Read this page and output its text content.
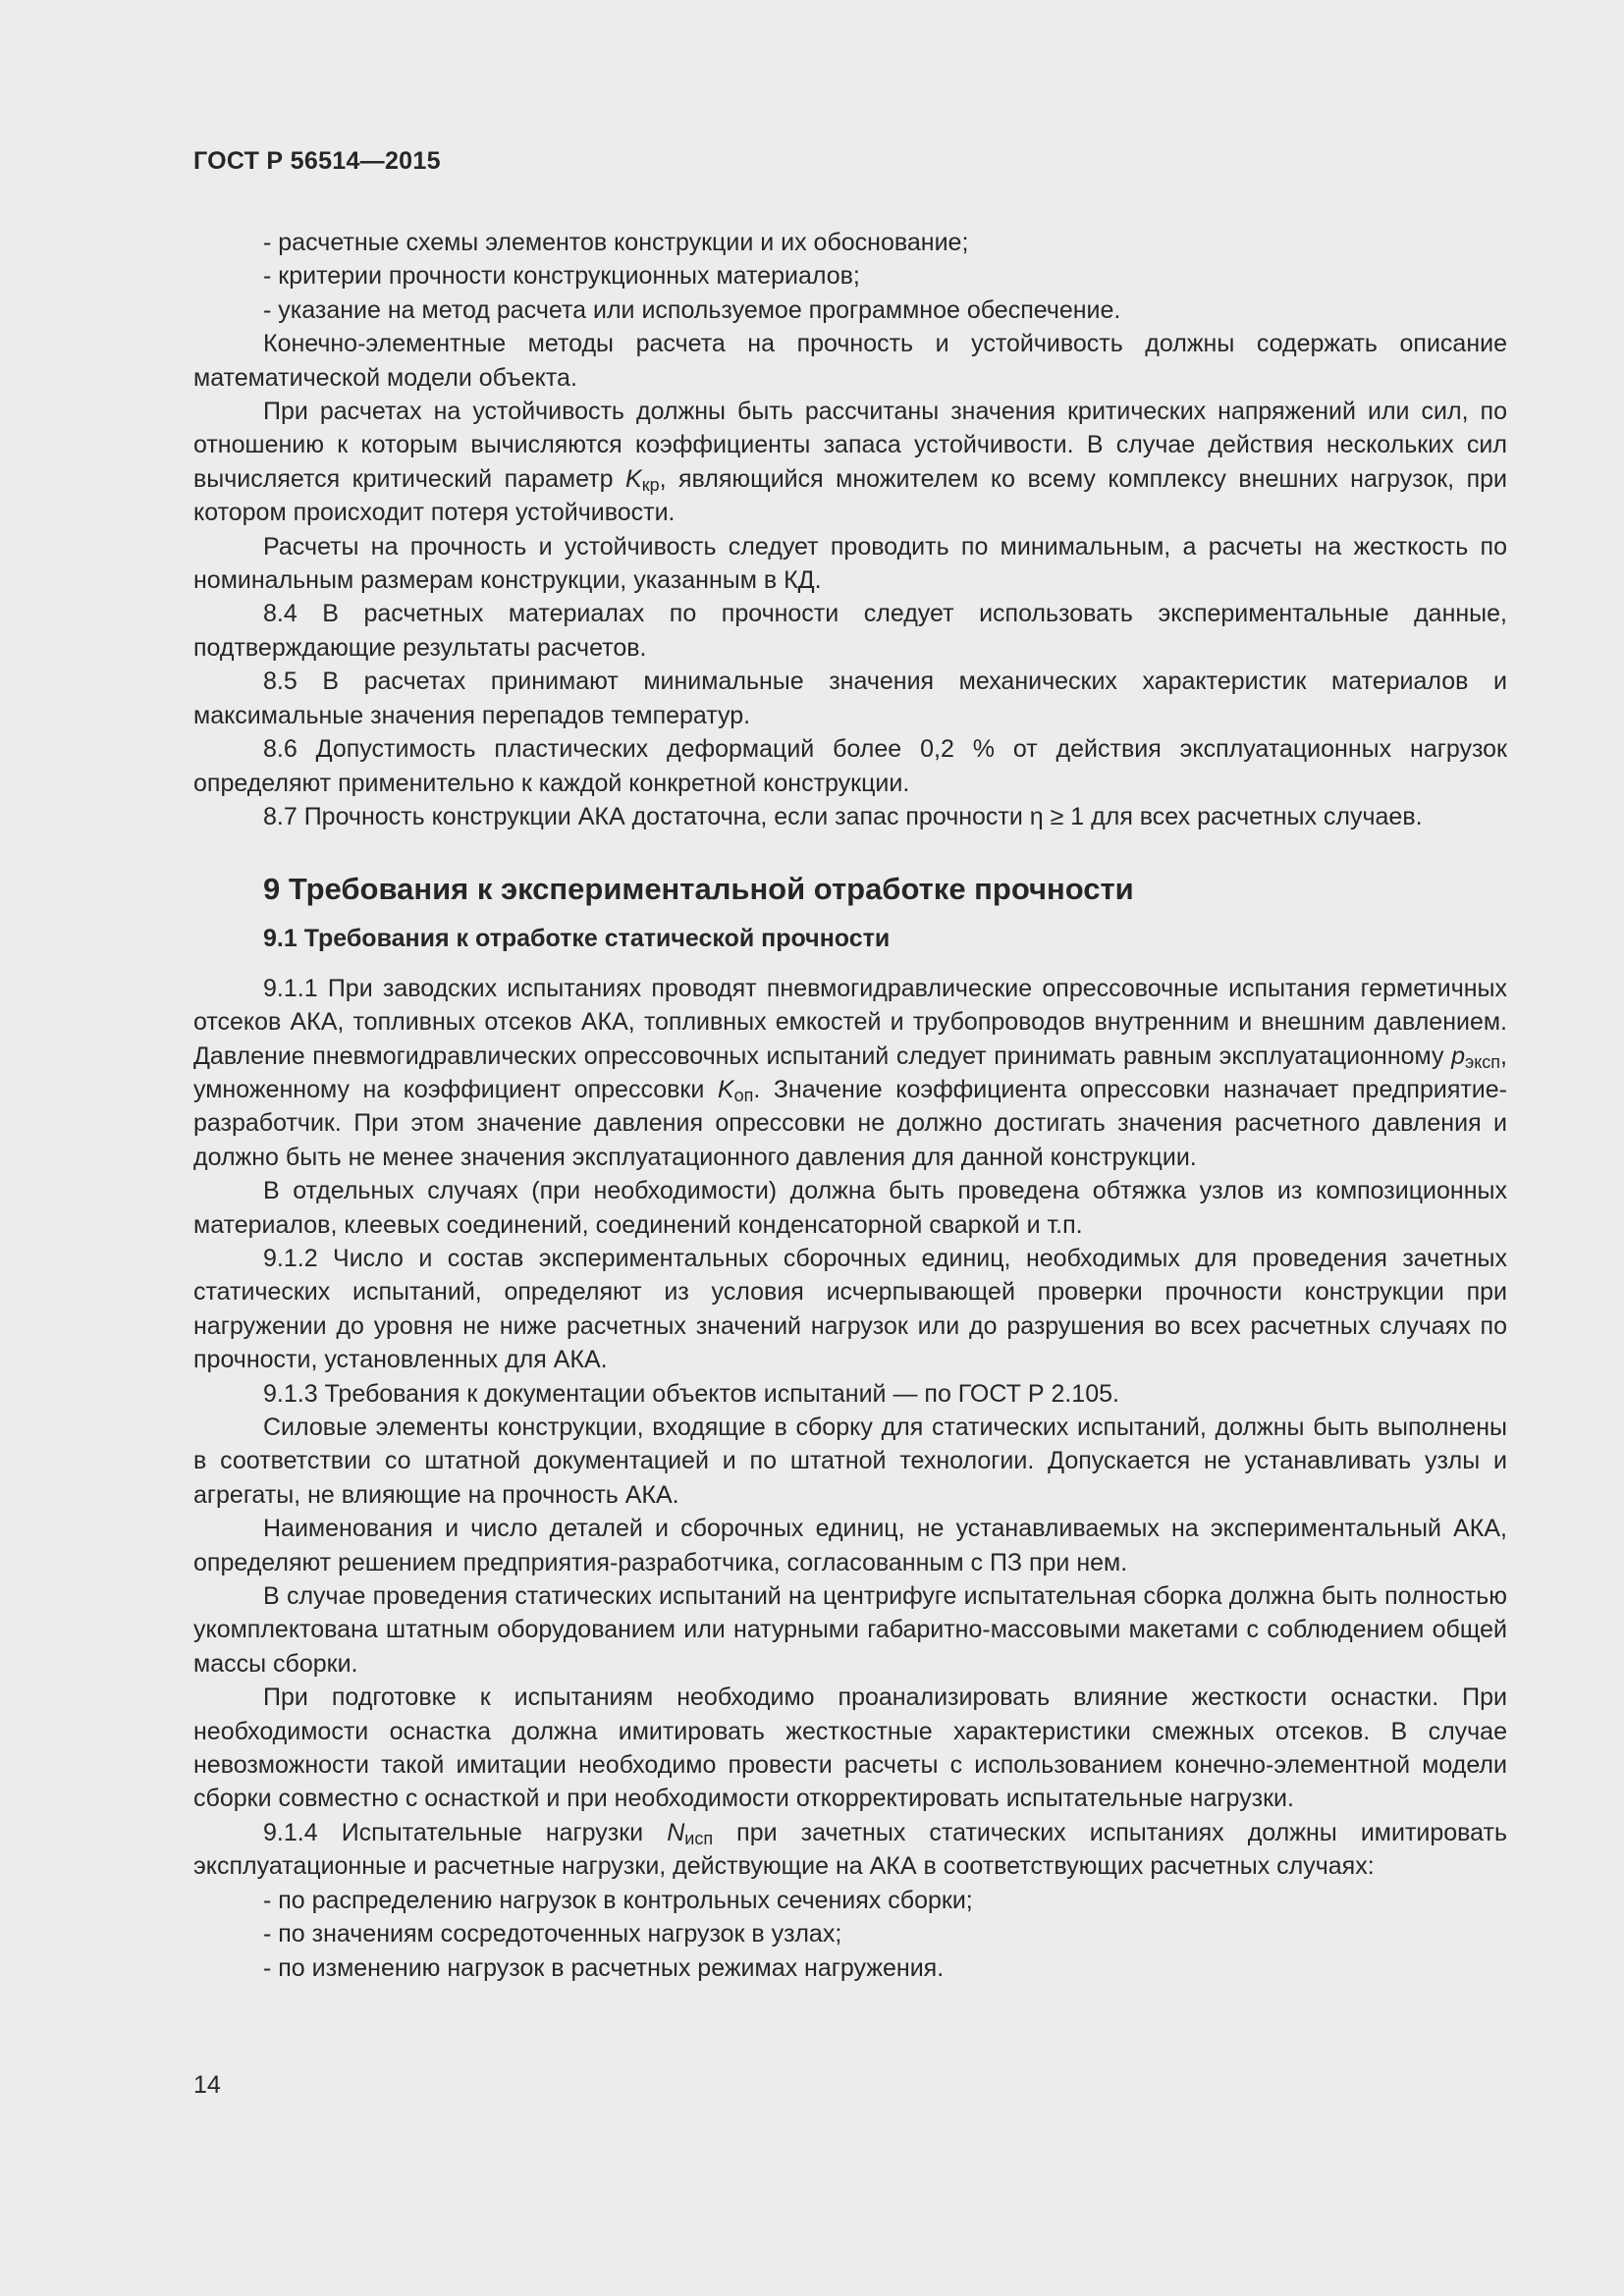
ГОСТ Р 56514—2015

- расчетные схемы элементов конструкции и их обоснование;

- критерии прочности конструкционных материалов;

- указание на метод расчета или используемое программное обеспечение.

Конечно-элементные методы расчета на прочность и устойчивость должны содержать описание математической модели объекта.

При расчетах на устойчивость должны быть рассчитаны значения критических напряжений или сил, по отношению к которым вычисляются коэффициенты запаса устойчивости. В случае действия нескольких сил вычисляется критический параметр $K_{кр}$, являющийся множителем ко всему комплексу внешних нагрузок, при котором происходит потеря устойчивости.

Расчеты на прочность и устойчивость следует проводить по минимальным, а расчеты на жесткость по номинальным размерам конструкции, указанным в КД.

8.4 В расчетных материалах по прочности следует использовать экспериментальные данные, подтверждающие результаты расчетов.

8.5 В расчетах принимают минимальные значения механических характеристик материалов и максимальные значения перепадов температур.

8.6 Допустимость пластических деформаций более 0,2 % от действия эксплуатационных нагрузок определяют применительно к каждой конкретной конструкции.

8.7 Прочность конструкции АКА достаточна, если запас прочности η ≥ 1 для всех расчетных случаев.

9 Требования к экспериментальной отработке прочности

9.1 Требования к отработке статической прочности

9.1.1 При заводских испытаниях проводят пневмогидравлические опрессовочные испытания герметичных отсеков АКА, топливных отсеков АКА, топливных емкостей и трубопроводов внутренним и внешним давлением. Давление пневмогидравлических опрессовочных испытаний следует принимать равным эксплуатационному $p_{эксп}$, умноженному на коэффициент опрессовки $K_{оп}$. Значение коэффициента опрессовки назначает предприятие-разработчик. При этом значение давления опрессовки не должно достигать значения расчетного давления и должно быть не менее значения эксплуатационного давления для данной конструкции.

В отдельных случаях (при необходимости) должна быть проведена обтяжка узлов из композиционных материалов, клеевых соединений, соединений конденсаторной сваркой и т.п.

9.1.2 Число и состав экспериментальных сборочных единиц, необходимых для проведения зачетных статических испытаний, определяют из условия исчерпывающей проверки прочности конструкции при нагружении до уровня не ниже расчетных значений нагрузок или до разрушения во всех расчетных случаях по прочности, установленных для АКА.

9.1.3 Требования к документации объектов испытаний — по ГОСТ Р 2.105.

Силовые элементы конструкции, входящие в сборку для статических испытаний, должны быть выполнены в соответствии со штатной документацией и по штатной технологии. Допускается не устанавливать узлы и агрегаты, не влияющие на прочность АКА.

Наименования и число деталей и сборочных единиц, не устанавливаемых на экспериментальный АКА, определяют решением предприятия-разработчика, согласованным с ПЗ при нем.

В случае проведения статических испытаний на центрифуге испытательная сборка должна быть полностью укомплектована штатным оборудованием или натурными габаритно-массовыми макетами с соблюдением общей массы сборки.

При подготовке к испытаниям необходимо проанализировать влияние жесткости оснастки. При необходимости оснастка должна имитировать жесткостные характеристики смежных отсеков. В случае невозможности такой имитации необходимо провести расчеты с использованием конечно-элементной модели сборки совместно с оснасткой и при необходимости откорректировать испытательные нагрузки.

9.1.4 Испытательные нагрузки $N_{исп}$ при зачетных статических испытаниях должны имитировать эксплуатационные и расчетные нагрузки, действующие на АКА в соответствующих расчетных случаях:

- по распределению нагрузок в контрольных сечениях сборки;

- по значениям сосредоточенных нагрузок в узлах;

- по изменению нагрузок в расчетных режимах нагружения.

14
